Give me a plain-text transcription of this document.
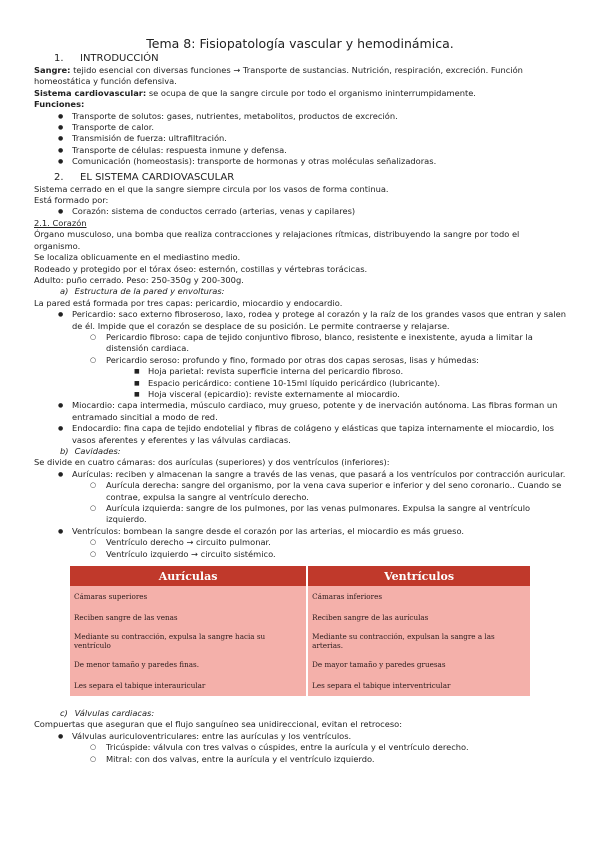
Tema 8: Fisiopatología vascular y hemodinámica.
1. INTRODUCCIÓN

Sangre: tejido esencial con diversas funciones → Transporte de sustancias. Nutrición, respiración, excreción. Función homeostática y función defensiva.

Sistema cardiovascular: se ocupa de que la sangre circule por todo el organismo ininterrumpidamente.

Funciones:

● Transporte de solutos: gases, nutrientes, metabolitos, productos de excreción.
● Transporte de calor.
● Transmisión de fuerza: ultrafiltración.
● Transporte de células: respuesta inmune y defensa.
● Comunicación (homeostasis): transporte de hormonas y otras moléculas señalizadoras.
2. EL SISTEMA CARDIOVASCULAR

Sistema cerrado en el que la sangre siempre circula por los vasos de forma continua.

Está formado por:

● Corazón: sistema de conductos cerrado (arterias, venas y capilares)

2.1. Corazón

Órgano musculoso, una bomba que realiza contracciones y relajaciones rítmicas, distribuyendo la sangre por todo el organismo.

Se localiza oblicuamente en el mediastino medio.

Rodeado y protegido por el tórax óseo: esternón, costillas y vértebras torácicas.

Adulto: puño cerrado. Peso: 250-350g y 200-300g.

a) Estructura de la pared y envolturas:

La pared está formada por tres capas: pericardio, miocardio y endocardio.

● Pericardio: saco externo fibroseroso, laxo, rodea y protege al corazón y la raíz de los grandes vasos que entran y salen de él. Impide que el corazón se desplace de su posición. Le permite contraerse y relajarse.
○ Pericardio fibroso: capa de tejido conjuntivo fibroso, blanco, resistente e inexistente, ayuda a limitar la distensión cardiaca.
○ Pericardio seroso: profundo y fino, formado por otras dos capas serosas, lisas y húmedas:
■ Hoja parietal: revista superficie interna del pericardio fibroso.
■ Espacio pericárdico: contiene 10-15ml líquido pericárdico (lubricante).
■ Hoja visceral (epicardio): reviste externamente al miocardio.
● Miocardio: capa intermedia, músculo cardiaco, muy grueso, potente y de inervación autónoma. Las fibras forman un entramado sincitial a modo de red.
● Endocardio: fina capa de tejido endotelial y fibras de colágeno y elásticas que tapiza internamente el miocardio, los vasos aferentes y eferentes y las válvulas cardiacas.

b) Cavidades:

Se divide en cuatro cámaras: dos aurículas (superiores) y dos ventrículos (inferiores):

● Aurículas: reciben y almacenan la sangre a través de las venas, que pasará a los ventrículos por contracción auricular.
○ Aurícula derecha: sangre del organismo, por la vena cava superior e inferior y del seno coronario.. Cuando se contrae, expulsa la sangre al ventrículo derecho.
○ Aurícula izquierda: sangre de los pulmones, por las venas pulmonares. Expulsa la sangre al ventrículo izquierdo.
● Ventrículos: bombean la sangre desde el corazón por las arterias, el miocardio es más grueso.
○ Ventrículo derecho → circuito pulmonar.
○ Ventrículo izquierdo → circuito sistémico.
Aurículas	Ventrículos
Cámaras superiores	Cámaras inferiores
Reciben sangre de las venas	Reciben sangre de las aurículas
Mediante su contracción, expulsa la sangre hacia su ventrículo	Mediante su contracción, expulsan la sangre a las arterias.
De menor tamaño y paredes finas.	De mayor tamaño y paredes gruesas
Les separa el tabique interauricular	Les separa el tabique interventricular

c) Válvulas cardiacas:

Compuertas que aseguran que el flujo sanguíneo sea unidireccional, evitan el retroceso:

● Válvulas auriculoventriculares: entre las aurículas y los ventrículos.
○ Tricúspide: válvula con tres valvas o cúspides, entre la aurícula y el ventrículo derecho.
○ Mitral: con dos valvas, entre la aurícula y el ventrículo izquierdo.
